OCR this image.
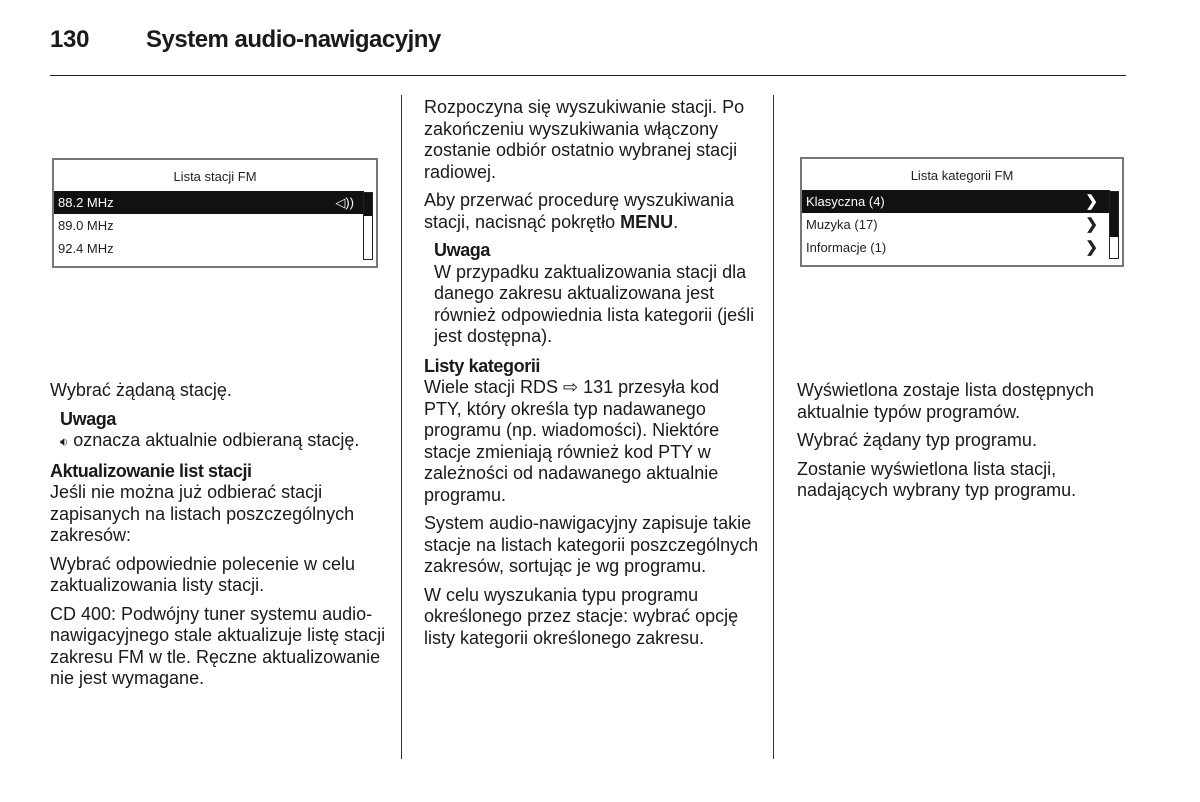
130 System audio-nawigacyjny
Lista stacji FM
88.2 MHz	◁))
89.0 MHz
92.4 MHz

Wybrać żądaną stację.

Uwaga
🔉︎ oznacza aktualnie odbieraną stację.
Aktualizowanie list stacji

Jeśli nie można już odbierać stacji zapisanych na listach poszczególnych zakresów:

Wybrać odpowiednie polecenie w celu zaktualizowania listy stacji.

CD 400: Podwójny tuner systemu audio-nawigacyjnego stale aktualizuje listę stacji zakresu FM w tle. Ręczne aktualizowanie nie jest wymagane.

Rozpoczyna się wyszukiwanie stacji. Po zakończeniu wyszukiwania włączony zostanie odbiór ostatnio wybranej stacji radiowej.

Aby przerwać procedurę wyszukiwania stacji, nacisnąć pokrętło MENU.

Uwaga
W przypadku zaktualizowania stacji dla danego zakresu aktualizowana jest również odpowiednia lista kategorii (jeśli jest dostępna).
Listy kategorii

Wiele stacji RDS ⇨ 131 przesyła kod PTY, który określa typ nadawanego programu (np. wiadomości). Niektóre stacje zmieniają również kod PTY w zależności od nadawanego aktualnie programu.

System audio-nawigacyjny zapisuje takie stacje na listach kategorii poszczególnych zakresów, sortując je wg programu.

W celu wyszukania typu programu określonego przez stacje: wybrać opcję listy kategorii określonego zakresu.

Lista kategorii FM
Klasyczna (4)	❯
Muzyka (17)	❯
Informacje (1)	❯

Wyświetlona zostaje lista dostępnych aktualnie typów programów.

Wybrać żądany typ programu.

Zostanie wyświetlona lista stacji, nadających wybrany typ programu.
